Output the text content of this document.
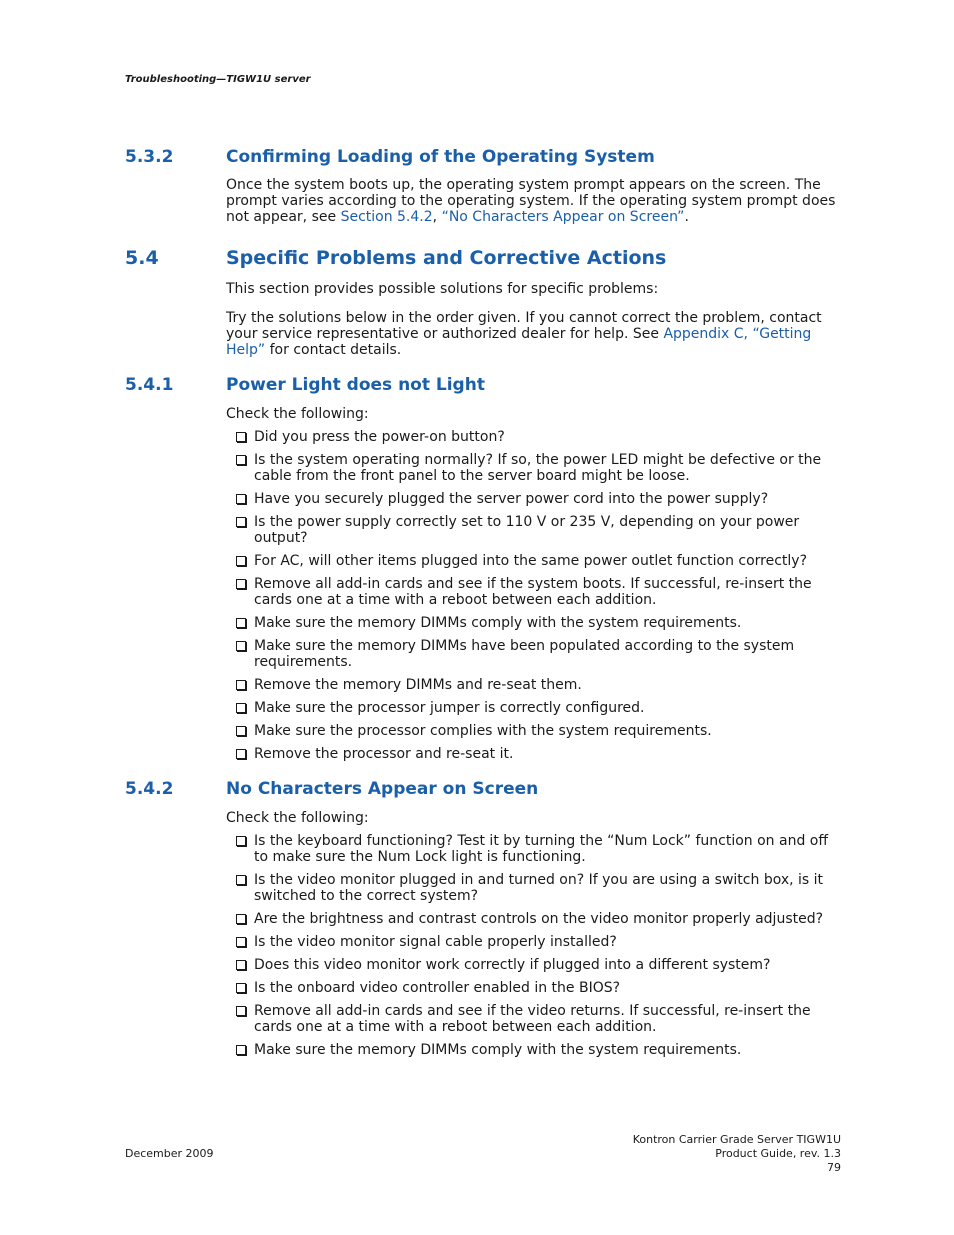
Troubleshooting—TIGW1U server
5.3.2	Confirming Loading of the Operating System

Once the system boots up, the operating system prompt appears on the screen. The prompt varies according to the operating system. If the operating system prompt does not appear, see Section 5.4.2, “No Characters Appear on Screen”.

5.4	Specific Problems and Corrective Actions

This section provides possible solutions for specific problems:

Try the solutions below in the order given. If you cannot correct the problem, contact your service representative or authorized dealer for help. See Appendix C, “Getting Help” for contact details.

5.4.1	Power Light does not Light

Check the following:

Did you press the power-on button?
Is the system operating normally? If so, the power LED might be defective or the cable from the front panel to the server board might be loose.
Have you securely plugged the server power cord into the power supply?
Is the power supply correctly set to 110 V or 235 V, depending on your power output?
For AC, will other items plugged into the same power outlet function correctly?
Remove all add-in cards and see if the system boots. If successful, re-insert the cards one at a time with a reboot between each addition.
Make sure the memory DIMMs comply with the system requirements.
Make sure the memory DIMMs have been populated according to the system requirements.
Remove the memory DIMMs and re-seat them.
Make sure the processor jumper is correctly configured.
Make sure the processor complies with the system requirements.
Remove the processor and re-seat it.
5.4.2	No Characters Appear on Screen

Check the following:

Is the keyboard functioning? Test it by turning the “Num Lock” function on and off to make sure the Num Lock light is functioning.
Is the video monitor plugged in and turned on? If you are using a switch box, is it switched to the correct system?
Are the brightness and contrast controls on the video monitor properly adjusted?
Is the video monitor signal cable properly installed?
Does this video monitor work correctly if plugged into a different system?
Is the onboard video controller enabled in the BIOS?
Remove all add-in cards and see if the video returns. If successful, re-insert the cards one at a time with a reboot between each addition.
Make sure the memory DIMMs comply with the system requirements.
December 2009
Kontron Carrier Grade Server TIGW1U
Product Guide, rev. 1.3
79
